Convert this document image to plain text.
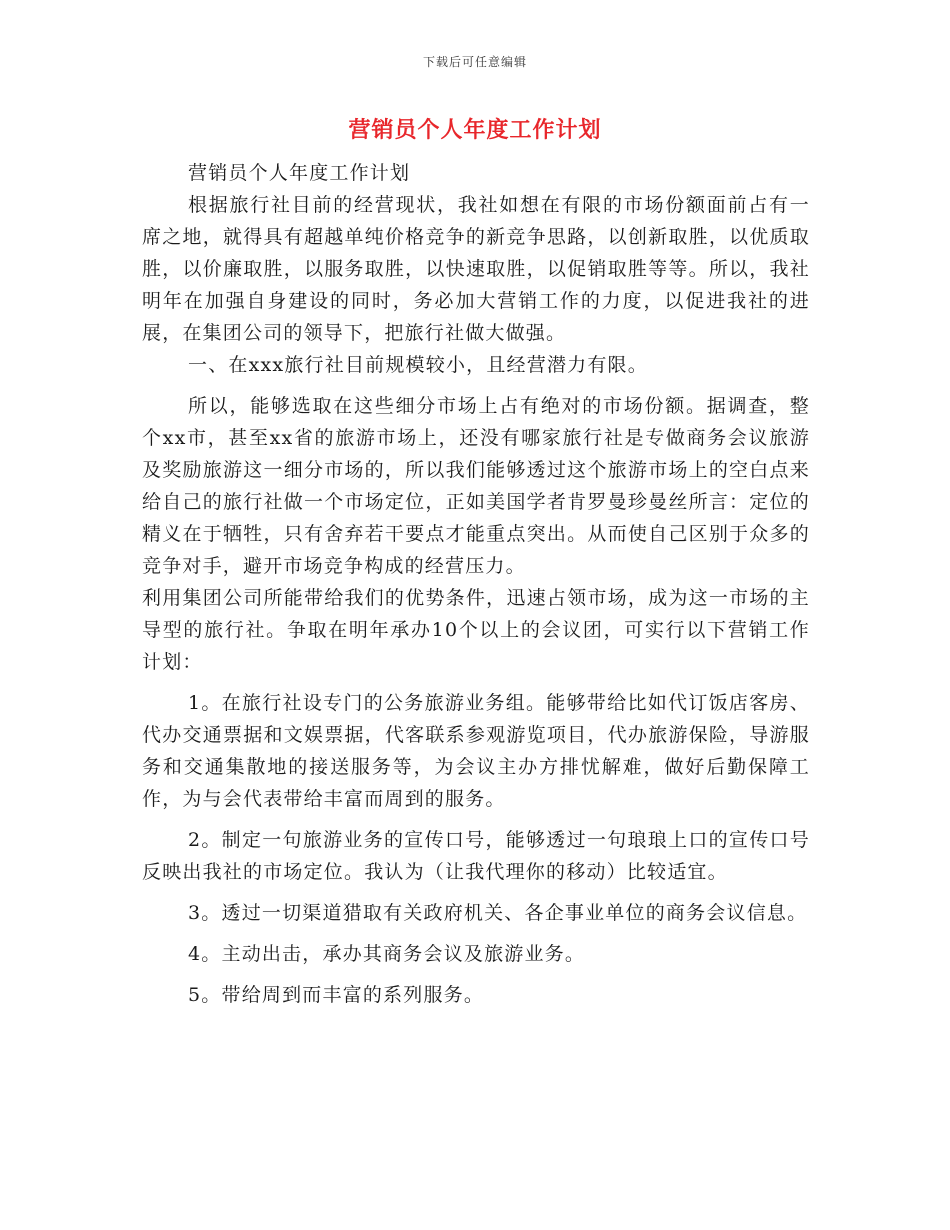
下载后可任意编辑
营销员个人年度工作计划

营销员个人年度工作计划

根据旅行社目前的经营现状，我社如想在有限的市场份额面前占有一席之地，就得具有超越单纯价格竞争的新竞争思路，以创新取胜，以优质取胜，以价廉取胜，以服务取胜，以快速取胜，以促销取胜等等。所以，我社明年在加强自身建设的同时，务必加大营销工作的力度，以促进我社的进展，在集团公司的领导下，把旅行社做大做强。

一、在xxx旅行社目前规模较小，且经营潜力有限。

所以，能够选取在这些细分市场上占有绝对的市场份额。据调查，整个xx市，甚至xx省的旅游市场上，还没有哪家旅行社是专做商务会议旅游及奖励旅游这一细分市场的，所以我们能够透过这个旅游市场上的空白点来给自己的旅行社做一个市场定位，正如美国学者肯罗曼珍曼丝所言：定位的精义在于牺牲，只有舍弃若干要点才能重点突出。从而使自己区别于众多的竞争对手，避开市场竞争构成的经营压力。

利用集团公司所能带给我们的优势条件，迅速占领市场，成为这一市场的主导型的旅行社。争取在明年承办10个以上的会议团，可实行以下营销工作计划：

1。在旅行社设专门的公务旅游业务组。能够带给比如代订饭店客房、代办交通票据和文娱票据，代客联系参观游览项目，代办旅游保险，导游服务和交通集散地的接送服务等，为会议主办方排忧解难，做好后勤保障工作，为与会代表带给丰富而周到的服务。

2。制定一句旅游业务的宣传口号，能够透过一句琅琅上口的宣传口号反映出我社的市场定位。我认为（让我代理你的移动）比较适宜。

3。透过一切渠道猎取有关政府机关、各企事业单位的商务会议信息。

4。主动出击，承办其商务会议及旅游业务。

5。带给周到而丰富的系列服务。
